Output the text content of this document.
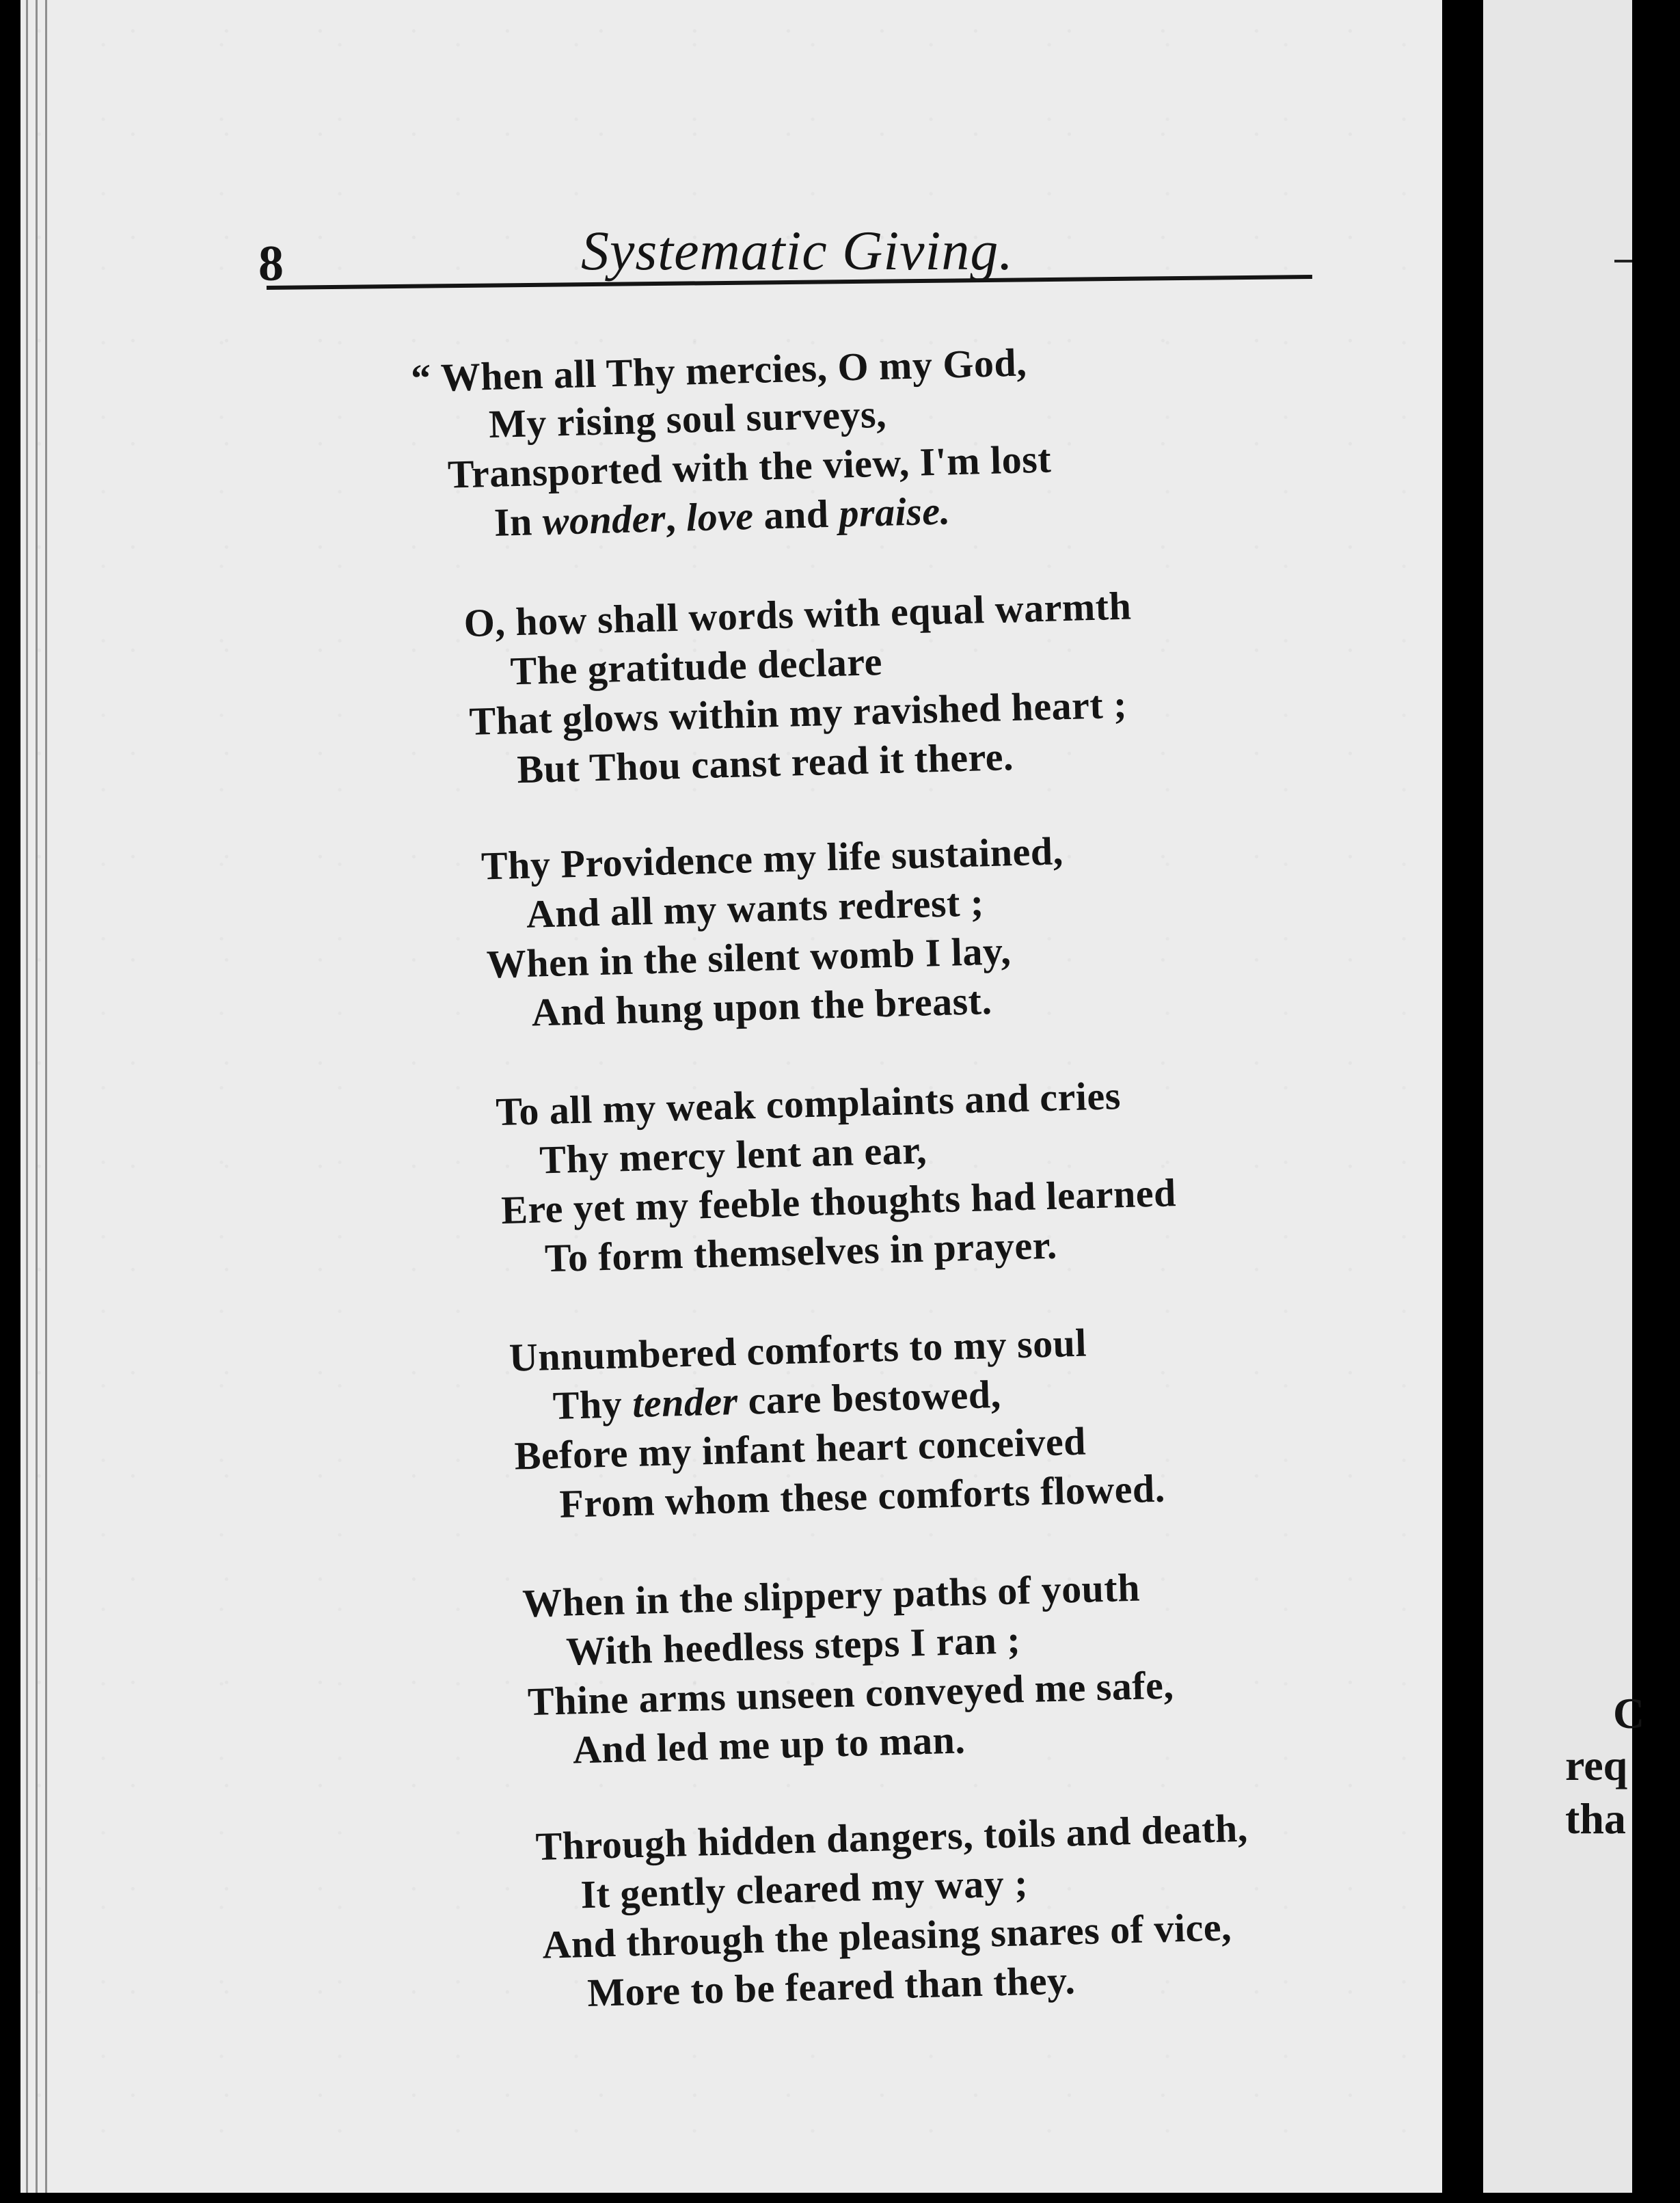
8	Systematic Giving.
“ When all Thy mercies, O my God,
My rising soul surveys,
Transported with the view, I'm lost
In wonder, love and praise.
O, how shall words with equal warmth
The gratitude declare
That glows within my ravished heart ;
But Thou canst read it there.
Thy Providence my life sustained,
And all my wants redrest ;
When in the silent womb I lay,
And hung upon the breast.
To all my weak complaints and cries
Thy mercy lent an ear,
Ere yet my feeble thoughts had learned
To form themselves in prayer.
Unnumbered comforts to my soul
Thy tender care bestowed,
Before my infant heart conceived
From whom these comforts flowed.
When in the slippery paths of youth
With heedless steps I ran ;
Thine arms unseen conveyed me safe,
And led me up to man.
Through hidden dangers, toils and death,
It gently cleared my way ;
And through the pleasing snares of vice,
More to be feared than they.
C
req
tha
